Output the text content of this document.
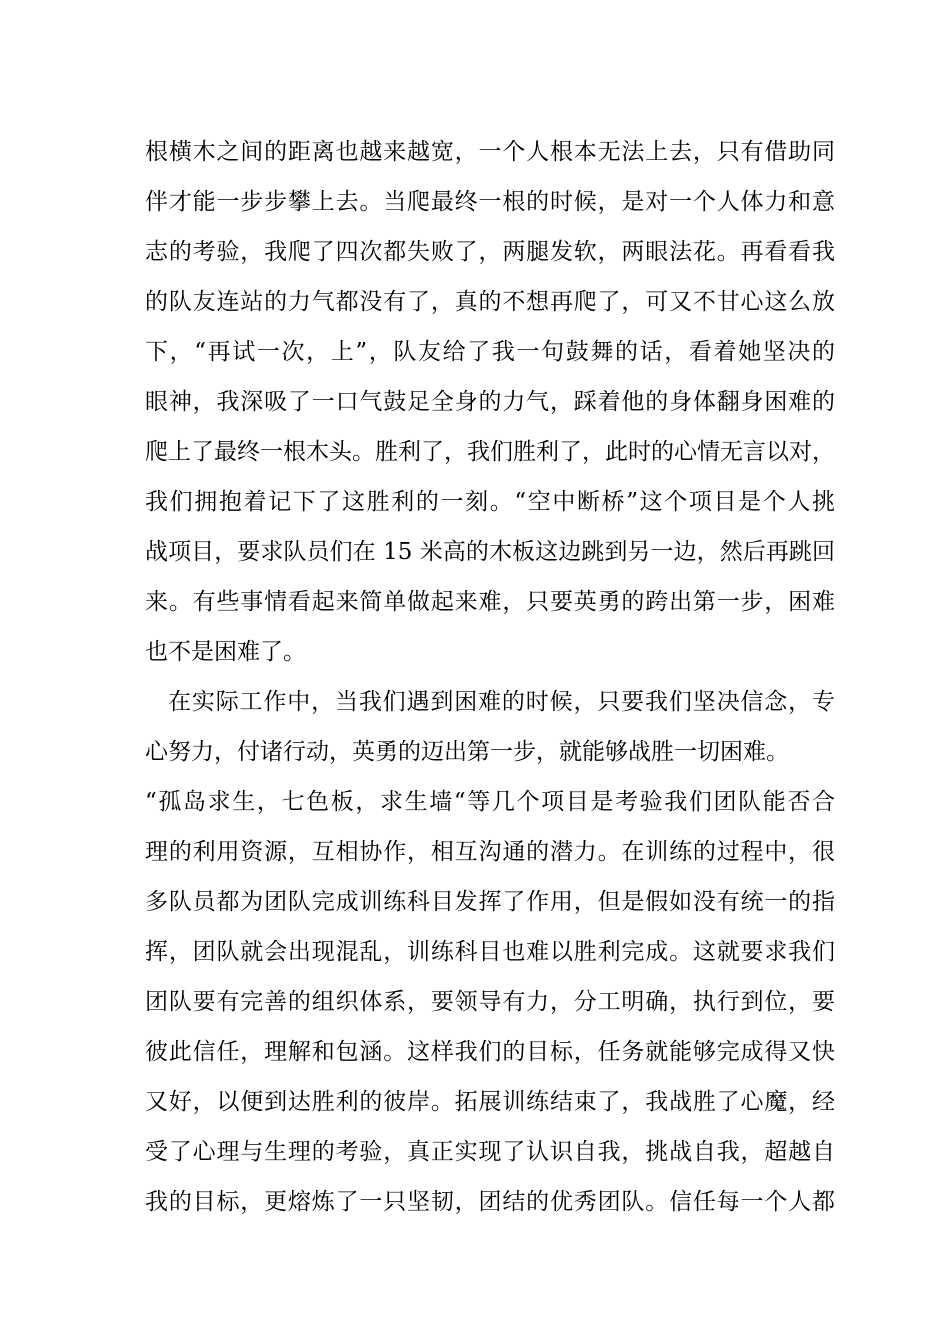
根横木之间的距离也越来越宽，一个人根本无法上去，只有借助同
伴才能一步步攀上去。当爬最终一根的时候，是对一个人体力和意
志的考验，我爬了四次都失败了，两腿发软，两眼法花。再看看我
的队友连站的力气都没有了，真的不想再爬了，可又不甘心这么放
下，“再试一次，上”，队友给了我一句鼓舞的话，看着她坚决的
眼神，我深吸了一口气鼓足全身的力气，踩着他的身体翻身困难的
爬上了最终一根木头。胜利了，我们胜利了，此时的心情无言以对，
我们拥抱着记下了这胜利的一刻。“空中断桥”这个项目是个人挑
战项目，要求队员们在 15 米高的木板这边跳到另一边，然后再跳回
来。有些事情看起来简单做起来难，只要英勇的跨出第一步，困难
也不是困难了。
在实际工作中，当我们遇到困难的时候，只要我们坚决信念，专
心努力，付诸行动，英勇的迈出第一步，就能够战胜一切困难。
“孤岛求生，七色板，求生墙“等几个项目是考验我们团队能否合
理的利用资源，互相协作，相互沟通的潜力。在训练的过程中，很
多队员都为团队完成训练科目发挥了作用，但是假如没有统一的指
挥，团队就会出现混乱，训练科目也难以胜利完成。这就要求我们
团队要有完善的组织体系，要领导有力，分工明确，执行到位，要
彼此信任，理解和包涵。这样我们的目标，任务就能够完成得又快
又好，以便到达胜利的彼岸。拓展训练结束了，我战胜了心魔，经
受了心理与生理的考验，真正实现了认识自我，挑战自我，超越自
我的目标，更熔炼了一只坚韧，团结的优秀团队。信任每一个人都
